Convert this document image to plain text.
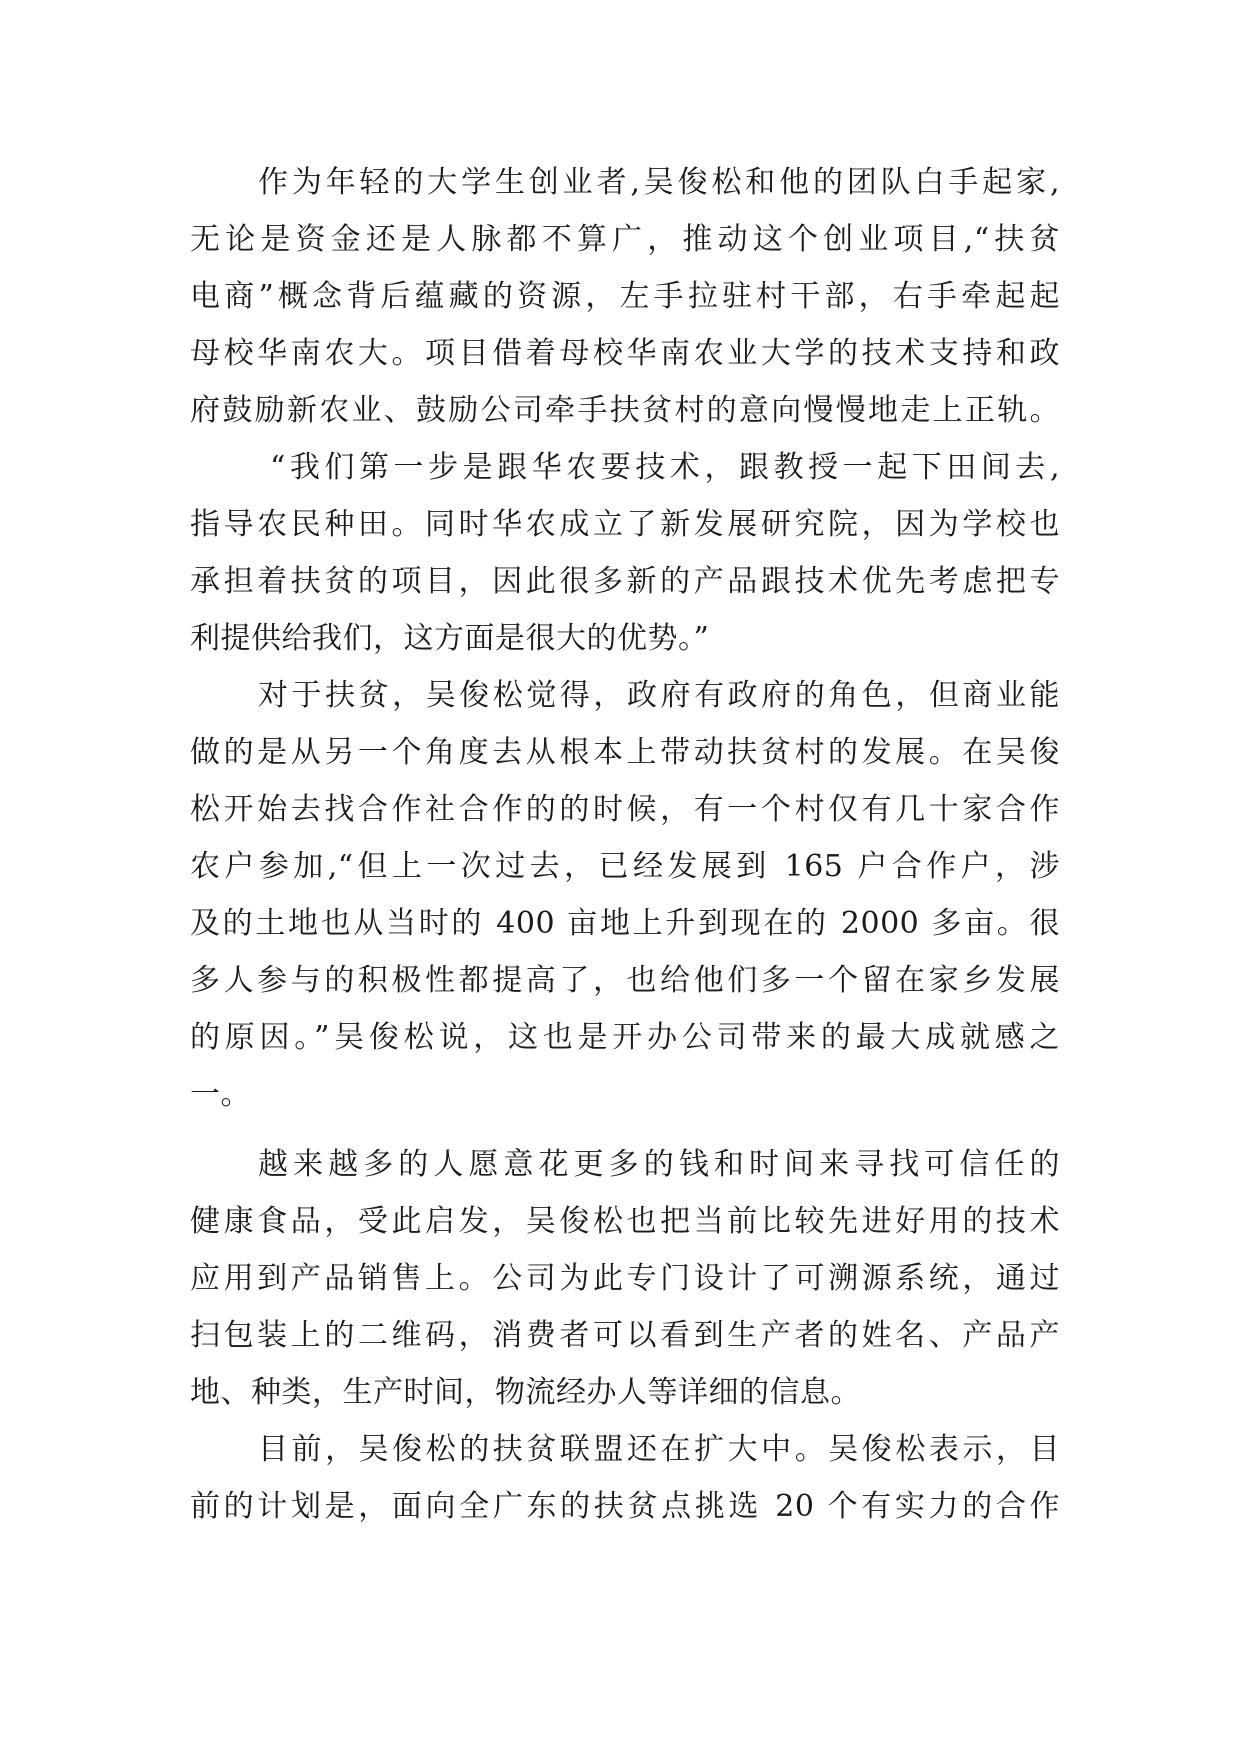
作为年轻的大学生创业者,吴俊松和他的团队白手起家,
无论是资金还是人脉都不算广，推动这个创业项目,“扶贫
电商”概念背后蕴藏的资源，左手拉驻村干部，右手牵起起
母校华南农大。项目借着母校华南农业大学的技术支持和政
府鼓励新农业、鼓励公司牵手扶贫村的意向慢慢地走上正轨。
“我们第一步是跟华农要技术，跟教授一起下田间去,
指导农民种田。同时华农成立了新发展研究院，因为学校也
承担着扶贫的项目，因此很多新的产品跟技术优先考虑把专
利提供给我们，这方面是很大的优势。”
对于扶贫，吴俊松觉得，政府有政府的角色，但商业能
做的是从另一个角度去从根本上带动扶贫村的发展。在吴俊
松开始去找合作社合作的的时候，有一个村仅有几十家合作
农户参加,“但上一次过去，已经发展到 165 户合作户，涉
及的土地也从当时的 400 亩地上升到现在的 2000 多亩。很
多人参与的积极性都提高了，也给他们多一个留在家乡发展
的原因。”吴俊松说，这也是开办公司带来的最大成就感之
一。
越来越多的人愿意花更多的钱和时间来寻找可信任的
健康食品，受此启发，吴俊松也把当前比较先进好用的技术
应用到产品销售上。公司为此专门设计了可溯源系统，通过
扫包装上的二维码，消费者可以看到生产者的姓名、产品产
地、种类，生产时间，物流经办人等详细的信息。
目前，吴俊松的扶贫联盟还在扩大中。吴俊松表示，目
前的计划是，面向全广东的扶贫点挑选 20 个有实力的合作
